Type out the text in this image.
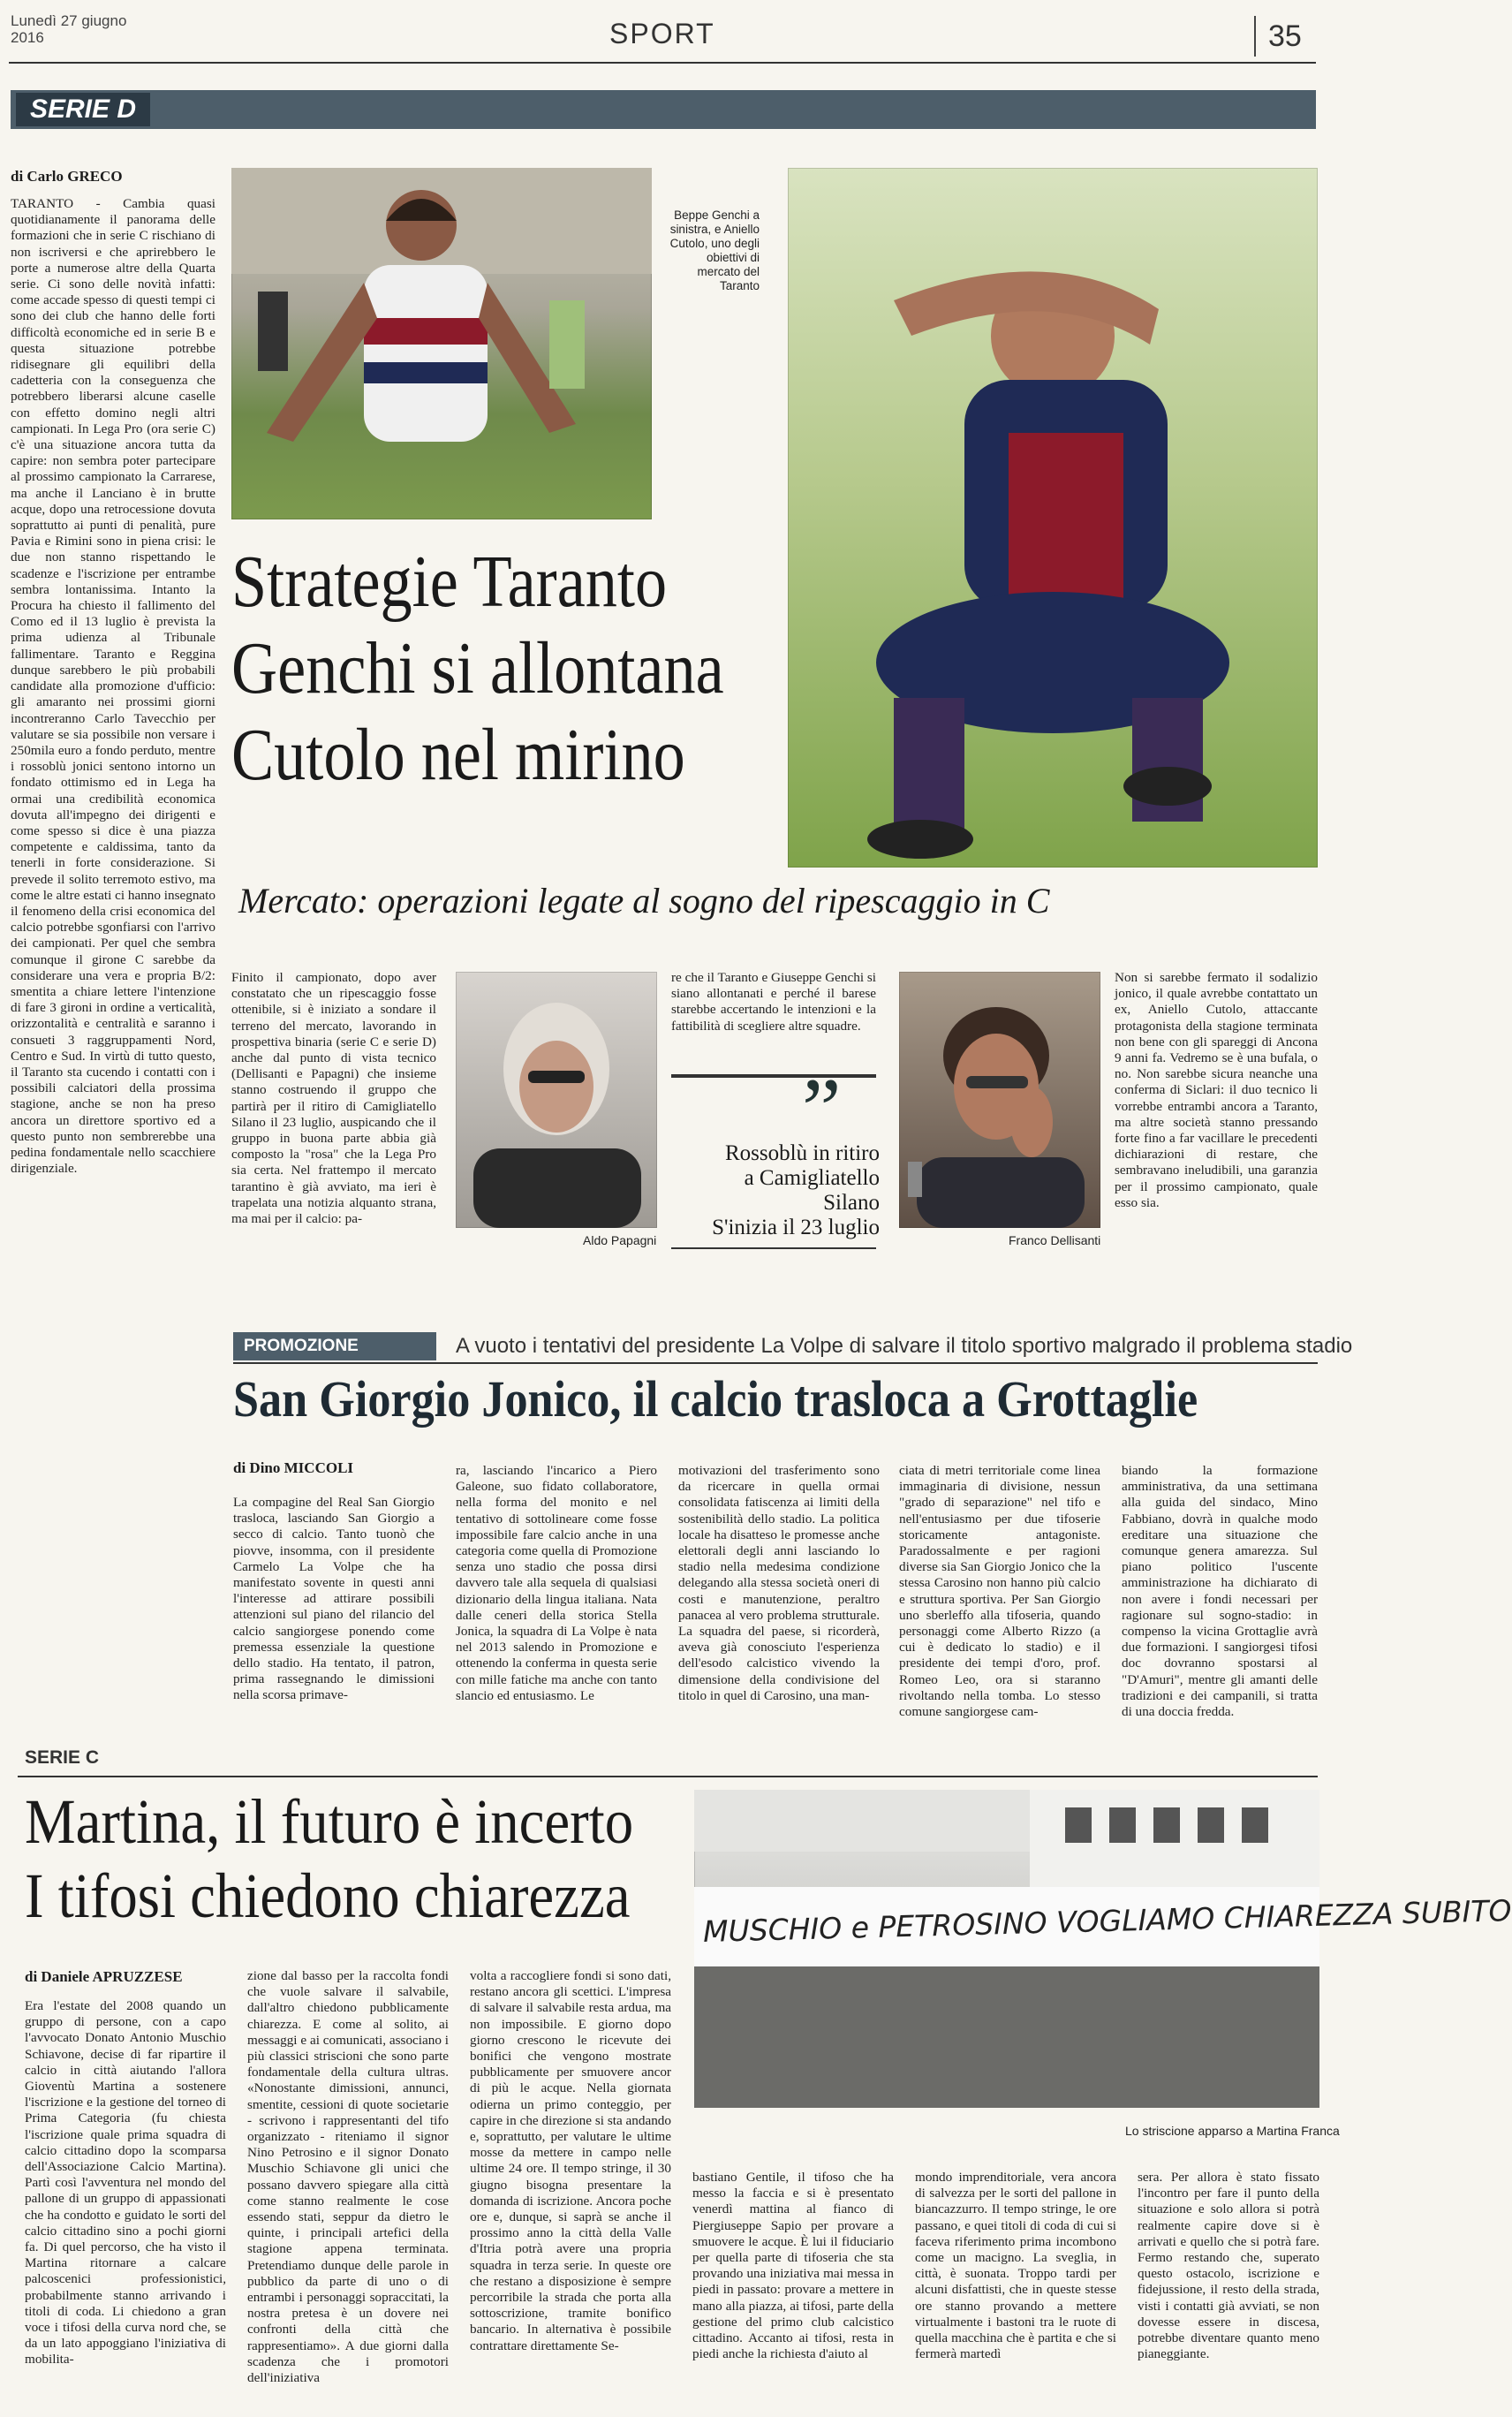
Lunedì 27 giugno
2016	SPORT	35
SERIE D
di Carlo GRECO
TARANTO - Cambia quasi quotidianamente il panorama delle formazioni che in serie C rischiano di non iscriversi e che aprirebbero le porte a numerose altre della Quarta serie. Ci sono delle novità infatti: come accade spesso di questi tempi ci sono dei club che hanno delle forti difficoltà economiche ed in serie B e questa situazione potrebbe ridisegnare gli equilibri della cadetteria con la conseguenza che potrebbero liberarsi alcune caselle con effetto domino negli altri campionati. In Lega Pro (ora serie C) c'è una situazione ancora tutta da capire: non sembra poter partecipare al prossimo campionato la Carrarese, ma anche il Lanciano è in brutte acque, dopo una retrocessione dovuta soprattutto ai punti di penalità, pure Pavia e Rimini sono in piena crisi: le due non stanno rispettando le scadenze e l'iscrizione per entrambe sembra lontanissima. Intanto la Procura ha chiesto il fallimento del Como ed il 13 luglio è prevista la prima udienza al Tribunale fallimentare. Taranto e Reggina dunque sarebbero le più probabili candidate alla promozione d'ufficio: gli amaranto nei prossimi giorni incontreranno Carlo Tavecchio per valutare se sia possibile non versare i 250mila euro a fondo perduto, mentre i rossoblù jonici sentono intorno un fondato ottimismo ed in Lega ha ormai una credibilità economica dovuta all'impegno dei dirigenti e come spesso si dice è una piazza competente e caldissima, tanto da tenerli in forte considerazione. Si prevede il solito terremoto estivo, ma come le altre estati ci hanno insegnato il fenomeno della crisi economica del calcio potrebbe sgonfiarsi con l'arrivo dei campionati. Per quel che sembra comunque il girone C sarebbe da considerare una vera e propria B/2: smentita a chiare lettere l'intenzione di fare 3 gironi in ordine a verticalità, orizzontalità e centralità e saranno i consueti 3 raggruppamenti Nord, Centro e Sud. In virtù di tutto questo, il Taranto sta cucendo i contatti con i possibili calciatori della prossima stagione, anche se non ha preso ancora un direttore sportivo ed a questo punto non sembrerebbe una pedina fondamentale nello scacchiere dirigenziale.
Beppe Genchi a sinistra, e Aniello Cutolo, uno degli obiettivi di mercato del Taranto
Strategie Taranto
Genchi si allontana
Cutolo nel mirino
Mercato: operazioni legate al sogno del ripescaggio in C
Finito il campionato, dopo aver constatato che un ripescaggio fosse ottenibile, si è iniziato a sondare il terreno del mercato, lavorando in prospettiva binaria (serie C e serie D) anche dal punto di vista tecnico (Dellisanti e Papagni) che insieme stanno costruendo il gruppo che partirà per il ritiro di Camigliatello Silano il 23 luglio, auspicando che il gruppo in buona parte abbia già composto la "rosa" che la Lega Pro sia certa. Nel frattempo il mercato tarantino è già avviato, ma ieri è trapelata una notizia alquanto strana, ma mai per il calcio: pa-
Aldo Papagni
re che il Taranto e Giuseppe Genchi si siano allontanati e perché il barese starebbe accertando le intenzioni e la fattibilità di scegliere altre squadre.
”
Rossoblù in ritiro
a Camigliatello
Silano
S'inizia il 23 luglio
Franco Dellisanti
Non si sarebbe fermato il sodalizio jonico, il quale avrebbe contattato un ex, Aniello Cutolo, attaccante protagonista della stagione terminata non bene con gli spareggi di Ancona 9 anni fa. Vedremo se è una bufala, o no. Non sarebbe sicura neanche una conferma di Siclari: il duo tecnico li vorrebbe entrambi ancora a Taranto, ma altre società stanno pressando forte fino a far vacillare le precedenti dichiarazioni di restare, che sembravano ineludibili, una garanzia per il prossimo campionato, quale esso sia.
PROMOZIONE	A vuoto i tentativi del presidente La Volpe di salvare il titolo sportivo malgrado il problema stadio
San Giorgio Jonico, il calcio trasloca a Grottaglie
di Dino MICCOLI
La compagine del Real San Giorgio trasloca, lasciando San Giorgio a secco di calcio. Tanto tuonò che piovve, insomma, con il presidente Carmelo La Volpe che ha manifestato sovente in questi anni l'interesse ad attirare possibili attenzioni sul piano del rilancio del calcio sangiorgese ponendo come premessa essenziale la questione dello stadio. Ha tentato, il patron, prima rassegnando le dimissioni nella scorsa primave-
ra, lasciando l'incarico a Piero Galeone, suo fidato collaboratore, nella forma del monito e nel tentativo di sottolineare come fosse impossibile fare calcio anche in una categoria come quella di Promozione senza uno stadio che possa dirsi davvero tale alla sequela di qualsiasi dizionario della lingua italiana. Nata dalle ceneri della storica Stella Jonica, la squadra di La Volpe è nata nel 2013 salendo in Promozione e ottenendo la conferma in questa serie con mille fatiche ma anche con tanto slancio ed entusiasmo. Le
motivazioni del trasferimento sono da ricercare in quella ormai consolidata fatiscenza ai limiti della sostenibilità dello stadio. La politica locale ha disatteso le promesse anche elettorali degli anni lasciando lo stadio nella medesima condizione delegando alla stessa società oneri di costi e manutenzione, peraltro panacea al vero problema strutturale. La squadra del paese, si ricorderà, aveva già conosciuto l'esperienza dell'esodo calcistico vivendo la dimensione della condivisione del titolo in quel di Carosino, una man-
ciata di metri territoriale come linea immaginaria di divisione, nessun "grado di separazione" nel tifo e nell'entusiasmo per due tifoserie storicamente antagoniste. Paradossalmente e per ragioni diverse sia San Giorgio Jonico che la stessa Carosino non hanno più calcio e struttura sportiva. Per San Giorgio uno sberleffo alla tifoseria, quando personaggi come Alberto Rizzo (a cui è dedicato lo stadio) e il presidente dei tempi d'oro, prof. Romeo Leo, ora si staranno rivoltando nella tomba. Lo stesso comune sangiorgese cam-
biando la formazione amministrativa, da una settimana alla guida del sindaco, Mino Fabbiano, dovrà in qualche modo ereditare una situazione che comunque genera amarezza. Sul piano politico l'uscente amministrazione ha dichiarato di non avere i fondi necessari per ragionare sul sogno-stadio: in compenso la vicina Grottaglie avrà due formazioni. I sangiorgesi tifosi doc dovranno spostarsi al "D'Amuri", mentre gli amanti delle tradizioni e dei campanili, si tratta di una doccia fredda.
SERIE C
Martina, il futuro è incerto
I tifosi chiedono chiarezza MUSCHIO e PETROSINO VOGLIAMO CHIAREZZA SUBITO
Lo striscione apparso a Martina Franca
di Daniele APRUZZESE
Era l'estate del 2008 quando un gruppo di persone, con a capo l'avvocato Donato Antonio Muschio Schiavone, decise di far ripartire il calcio in città aiutando l'allora Gioventù Martina a sostenere l'iscrizione e la gestione del torneo di Prima Categoria (fu chiesta l'iscrizione quale prima squadra di calcio cittadino dopo la scomparsa dell'Associazione Calcio Martina). Partì così l'avventura nel mondo del pallone di un gruppo di appassionati che ha condotto e guidato le sorti del calcio cittadino sino a pochi giorni fa. Di quel percorso, che ha visto il Martina ritornare a calcare palcoscenici professionistici, probabilmente stanno arrivando i titoli di coda. Li chiedono a gran voce i tifosi della curva nord che, se da un lato appoggiano l'iniziativa di mobilita-
zione dal basso per la raccolta fondi che vuole salvare il salvabile, dall'altro chiedono pubblicamente chiarezza. E come al solito, ai messaggi e ai comunicati, associano i più classici striscioni che sono parte fondamentale della cultura ultras. «Nonostante dimissioni, annunci, smentite, cessioni di quote societarie - scrivono i rappresentanti del tifo organizzato - riteniamo il signor Nino Petrosino e il signor Donato Muschio Schiavone gli unici che possano davvero spiegare alla città come stanno realmente le cose essendo stati, seppur da dietro le quinte, i principali artefici della stagione appena terminata. Pretendiamo dunque delle parole in pubblico da parte di uno o di entrambi i personaggi sopraccitati, la nostra pretesa è un dovere nei confronti della città che rappresentiamo». A due giorni dalla scadenza che i promotori dell'iniziativa
volta a raccogliere fondi si sono dati, restano ancora gli scettici. L'impresa di salvare il salvabile resta ardua, ma non impossibile. E giorno dopo giorno crescono le ricevute dei bonifici che vengono mostrate pubblicamente per smuovere ancor di più le acque. Nella giornata odierna un primo conteggio, per capire in che direzione si sta andando e, soprattutto, per valutare le ultime mosse da mettere in campo nelle ultime 24 ore. Il tempo stringe, il 30 giugno bisogna presentare la domanda di iscrizione. Ancora poche ore e, dunque, si saprà se anche il prossimo anno la città della Valle d'Itria potrà avere una propria squadra in terza serie. In queste ore che restano a disposizione è sempre percorribile la strada che porta alla sottoscrizione, tramite bonifico bancario. In alternativa è possibile contrattare direttamente Se-
bastiano Gentile, il tifoso che ha messo la faccia e si è presentato venerdì mattina al fianco di Piergiuseppe Sapio per provare a smuovere le acque. È lui il fiduciario per quella parte di tifoseria che sta provando una iniziativa mai messa in piedi in passato: provare a mettere in mano alla piazza, ai tifosi, parte della gestione del primo club calcistico cittadino. Accanto ai tifosi, resta in piedi anche la richiesta d'aiuto al
mondo imprenditoriale, vera ancora di salvezza per le sorti del pallone in biancazzurro. Il tempo stringe, le ore passano, e quei titoli di coda di cui si faceva riferimento prima incombono come un macigno. La sveglia, in città, è suonata. Troppo tardi per alcuni disfattisti, che in queste stesse ore stanno provando a mettere virtualmente i bastoni tra le ruote di quella macchina che è partita e che si fermerà martedì
sera. Per allora è stato fissato l'incontro per fare il punto della situazione e solo allora si potrà realmente capire dove si è arrivati e quello che si potrà fare. Fermo restando che, superato questo ostacolo, iscrizione e fidejussione, il resto della strada, visti i contatti già avviati, se non dovesse essere in discesa, potrebbe diventare quanto meno pianeggiante.
